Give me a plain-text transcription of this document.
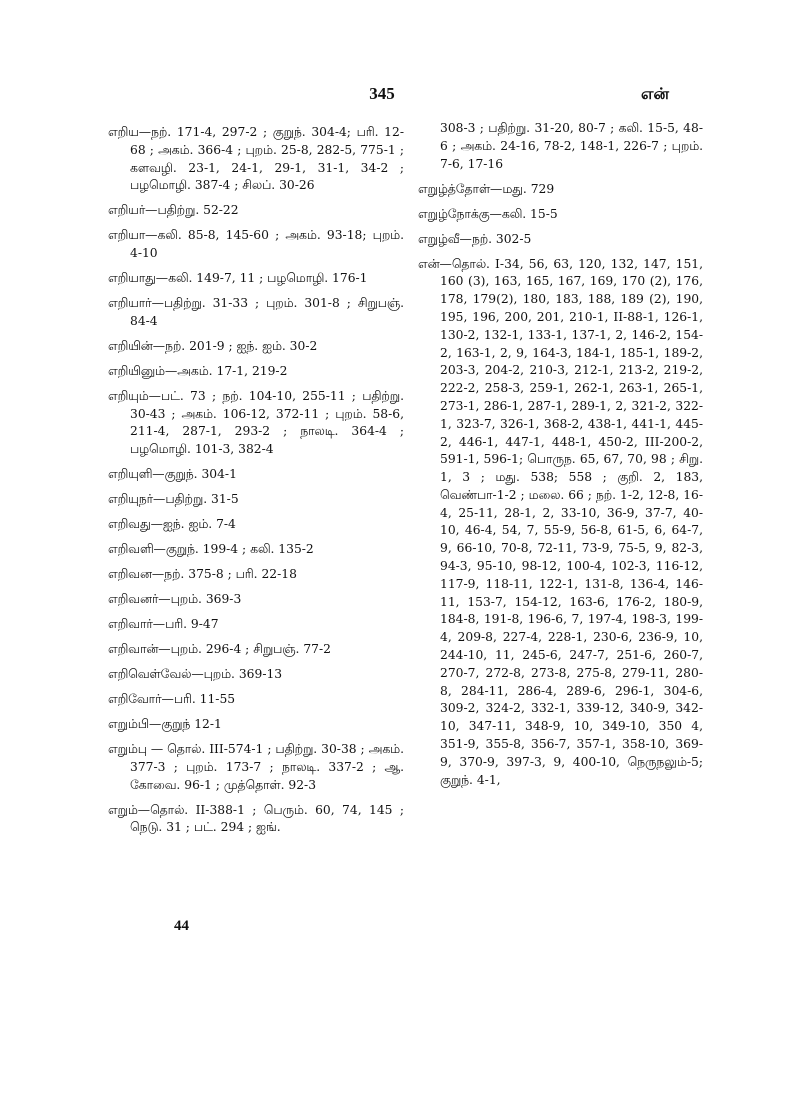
345	என்

எறிய—நற். 171-4, 297-2 ; குறுந். 304-4; பரி. 12-68 ; அகம். 366-4 ; புறம். 25-8, 282-5, 775-1 ; களவழி. 23-1, 24-1, 29-1, 31-1, 34-2 ; பழமொழி. 387-4 ; சிலப். 30-26

எறியர்—பதிற்று. 52-22

எறியா—கலி. 85-8, 145-60 ; அகம். 93-18; புறம். 4-10

எறியாது—கலி. 149-7, 11 ; பழமொழி. 176-1

எறியார்—பதிற்று. 31-33 ; புறம். 301-8 ; சிறுபஞ். 84-4

எறியின்—நற். 201-9 ; ஐந். ஐம். 30-2

எறியினும்—அகம். 17-1, 219-2

எறியும்—பட். 73 ; நற். 104-10, 255-11 ; பதிற்று. 30-43 ; அகம். 106-12, 372-11 ; புறம். 58-6, 211-4, 287-1, 293-2 ; நாலடி. 364-4 ; பழமொழி. 101-3, 382-4

எறியுளி—குறுந். 304-1

எறியுநர்—பதிற்று. 31-5

எறிவது—ஐந். ஐம். 7-4

எறிவளி—குறுந். 199-4 ; கலி. 135-2

எறிவன—நற். 375-8 ; பரி. 22-18

எறிவனர்—புறம். 369-3

எறிவார்—பரி. 9-47

எறிவான்—புறம். 296-4 ; சிறுபஞ். 77-2

எறிவெள்வேல்—புறம். 369-13

எறிவோர்—பரி. 11-55

எறும்பி—குறுந் 12-1

எறும்பு — தொல். III-574-1 ; பதிற்று. 30-38 ; அகம். 377-3 ; புறம். 173-7 ; நாலடி. 337-2 ; ஆ. கோவை. 96-1 ; முத்தொள். 92-3

எறும்—தொல். II-388-1 ; பெரும். 60, 74, 145 ; நெடு. 31 ; பட். 294 ; ஐங்.

308-3 ; பதிற்று. 31-20, 80-7 ; கலி. 15-5, 48-6 ; அகம். 24-16, 78-2, 148-1, 226-7 ; புறம். 7-6, 17-16

எறுழ்த்தோள்—மது. 729

எறுழ்நோக்கு—கலி. 15-5

எறுழ்வீ—நற். 302-5

என்—தொல். I-34, 56, 63, 120, 132, 147, 151, 160 (3), 163, 165, 167, 169, 170 (2), 176, 178, 179(2), 180, 183, 188, 189 (2), 190, 195, 196, 200, 201, 210-1, II-88-1, 126-1, 130-2, 132-1, 133-1, 137-1, 2, 146-2, 154-2, 163-1, 2, 9, 164-3, 184-1, 185-1, 189-2, 203-3, 204-2, 210-3, 212-1, 213-2, 219-2, 222-2, 258-3, 259-1, 262-1, 263-1, 265-1, 273-1, 286-1, 287-1, 289-1, 2, 321-2, 322-1, 323-7, 326-1, 368-2, 438-1, 441-1, 445-2, 446-1, 447-1, 448-1, 450-2, III-200-2, 591-1, 596-1; பொருந. 65, 67, 70, 98 ; சிறு. 1, 3 ; மது. 538; 558 ; குறி. 2, 183, வெண்பா-1-2 ; மலை. 66 ; நற். 1-2, 12-8, 16-4, 25-11, 28-1, 2, 33-10, 36-9, 37-7, 40-10, 46-4, 54, 7, 55-9, 56-8, 61-5, 6, 64-7, 9, 66-10, 70-8, 72-11, 73-9, 75-5, 9, 82-3, 94-3, 95-10, 98-12, 100-4, 102-3, 116-12, 117-9, 118-11, 122-1, 131-8, 136-4, 146-11, 153-7, 154-12, 163-6, 176-2, 180-9, 184-8, 191-8, 196-6, 7, 197-4, 198-3, 199-4, 209-8, 227-4, 228-1, 230-6, 236-9, 10, 244-10, 11, 245-6, 247-7, 251-6, 260-7, 270-7, 272-8, 273-8, 275-8, 279-11, 280-8, 284-11, 286-4, 289-6, 296-1, 304-6, 309-2, 324-2, 332-1, 339-12, 340-9, 342-10, 347-11, 348-9, 10, 349-10, 350 4, 351-9, 355-8, 356-7, 357-1, 358-10, 369-9, 370-9, 397-3, 9, 400-10, நெருநலும்-5; குறுந். 4-1,

44
